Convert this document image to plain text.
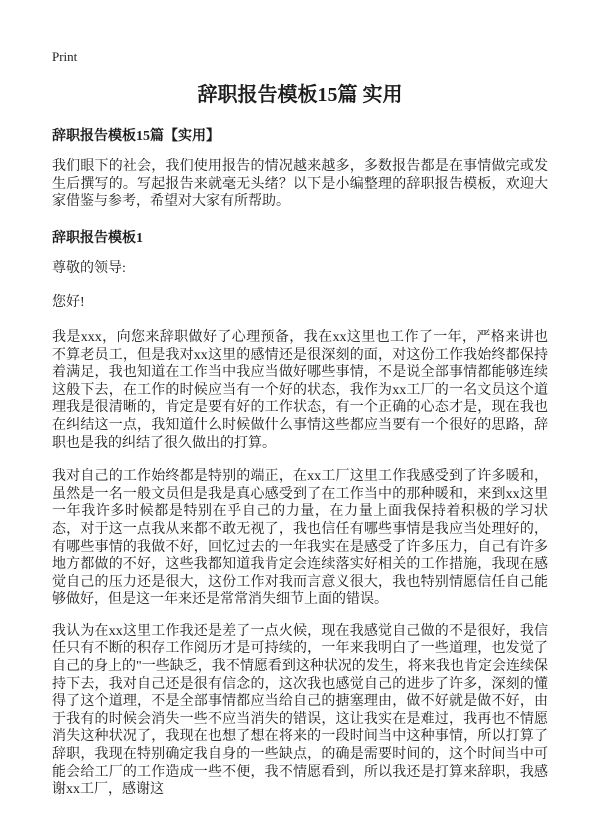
Print
辞职报告模板15篇 实用
辞职报告模板15篇【实用】

我们眼下的社会，我们使用报告的情况越来越多，多数报告都是在事情做完或发生后撰写的。写起报告来就毫无头绪？以下是小编整理的辞职报告模板，欢迎大家借鉴与参考，希望对大家有所帮助。

辞职报告模板1

尊敬的领导:

您好!

我是xxx，向您来辞职做好了心理预备，我在xx这里也工作了一年，严格来讲也不算老员工，但是我对xx这里的感情还是很深刻的面，对这份工作我始终都保持着满足，我也知道在工作当中我应当做好哪些事情，不是说全部事情都能够连续这般下去，在工作的时候应当有一个好的状态，我作为xx工厂的一名文员这个道理我是很清晰的，肯定是要有好的工作状态，有一个正确的心态才是，现在我也在纠结这一点，我知道什么时候做什么事情这些都应当要有一个很好的思路，辞职也是我的纠结了很久做出的打算。

我对自己的工作始终都是特别的端正，在xx工厂这里工作我感受到了许多暖和，虽然是一名一般文员但是我是真心感受到了在工作当中的那种暖和，来到xx这里一年我许多时候都是特别在乎自己的力量，在力量上面我保持着积极的学习状态，对于这一点我从来都不敢无视了，我也信任有哪些事情是我应当处理好的，有哪些事情的我做不好，回忆过去的一年我实在是感受了许多压力，自己有许多地方都做的不好，这些我都知道我肯定会连续落实好相关的工作措施，我现在感觉自己的压力还是很大，这份工作对我而言意义很大，我也特别情愿信任自己能够做好，但是这一年来还是常常消失细节上面的错误。

我认为在xx这里工作我还是差了一点火候，现在我感觉自己做的不是很好，我信任只有不断的积存工作阅历才是可持续的，一年来我明白了一些道理，也发觉了自己的身上的"一些缺乏，我不情愿看到这种状况的发生，将来我也肯定会连续保持下去，我对自己还是很有信念的，这次我也感觉自己的进步了许多，深刻的懂得了这个道理，不是全部事情都应当给自己的搪塞理由，做不好就是做不好，由于我有的时候会消失一些不应当消失的错误，这让我实在是难过，我再也不情愿消失这种状况了，我现在也想了想在将来的一段时间当中这种事情，所以打算了辞职，我现在特别确定我自身的一些缺点，的确是需要时间的，这个时间当中可能会给工厂的工作造成一些不便，我不情愿看到，所以我还是打算来辞职，我感谢xx工厂，感谢这
